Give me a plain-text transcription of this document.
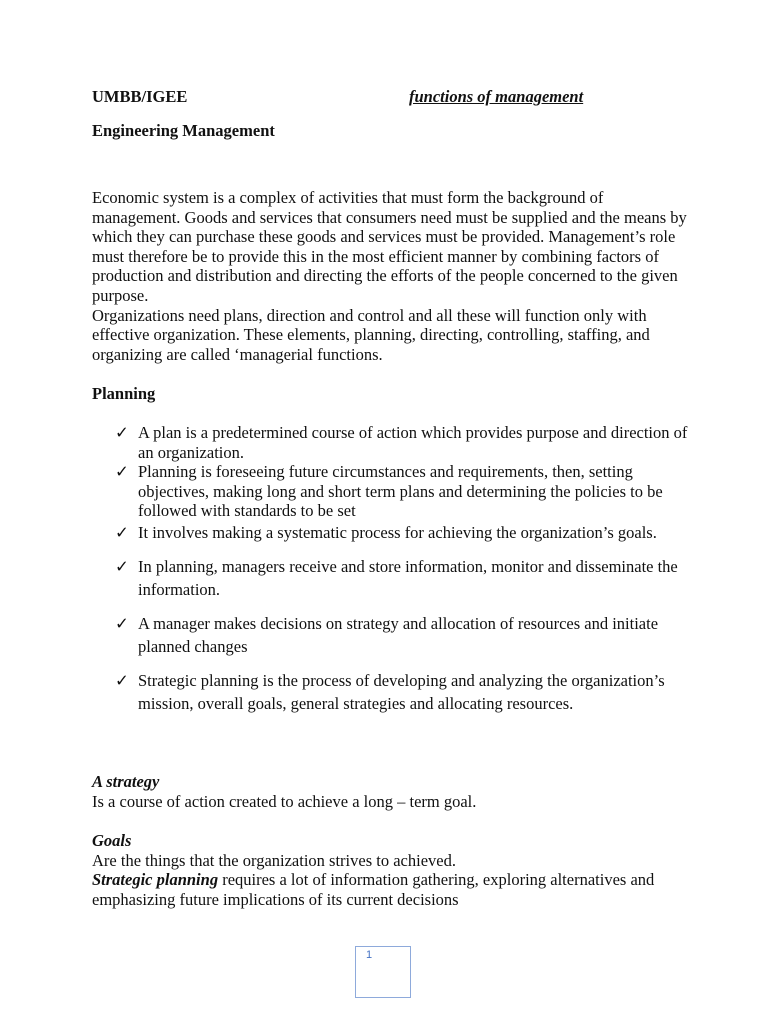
UMBB/IGEE	functions of management
Engineering Management

Economic system is a complex of activities that must form the background of management. Goods and services that consumers need must be supplied and the means by which they can purchase these goods and services must be provided. Management’s role must therefore be to provide this in the most efficient manner by combining factors of production and distribution and directing the efforts of the people concerned to the given purpose.

Organizations need plans, direction and control and all these will function only with effective organization. These elements, planning, directing, controlling, staffing, and organizing are called ‘managerial functions.

Planning
✓ A plan is a predetermined course of action which provides purpose and direction of an organization.
✓ Planning is foreseeing future circumstances and requirements, then, setting objectives, making long and short term plans and determining the policies to be followed with standards to be set
✓ It involves making a systematic process for achieving the organization’s goals.
✓ In planning, managers receive and store information, monitor and disseminate the information.
✓ A manager makes decisions on strategy and allocation of resources and initiate planned changes
✓ Strategic planning is the process of developing and analyzing the organization’s mission, overall goals, general strategies and allocating resources.

A strategy

Is a course of action created to achieve a long – term goal.

Goals

Are the things that the organization strives to achieved.

Strategic planning requires a lot of information gathering, exploring alternatives and emphasizing future implications of its current decisions

1
